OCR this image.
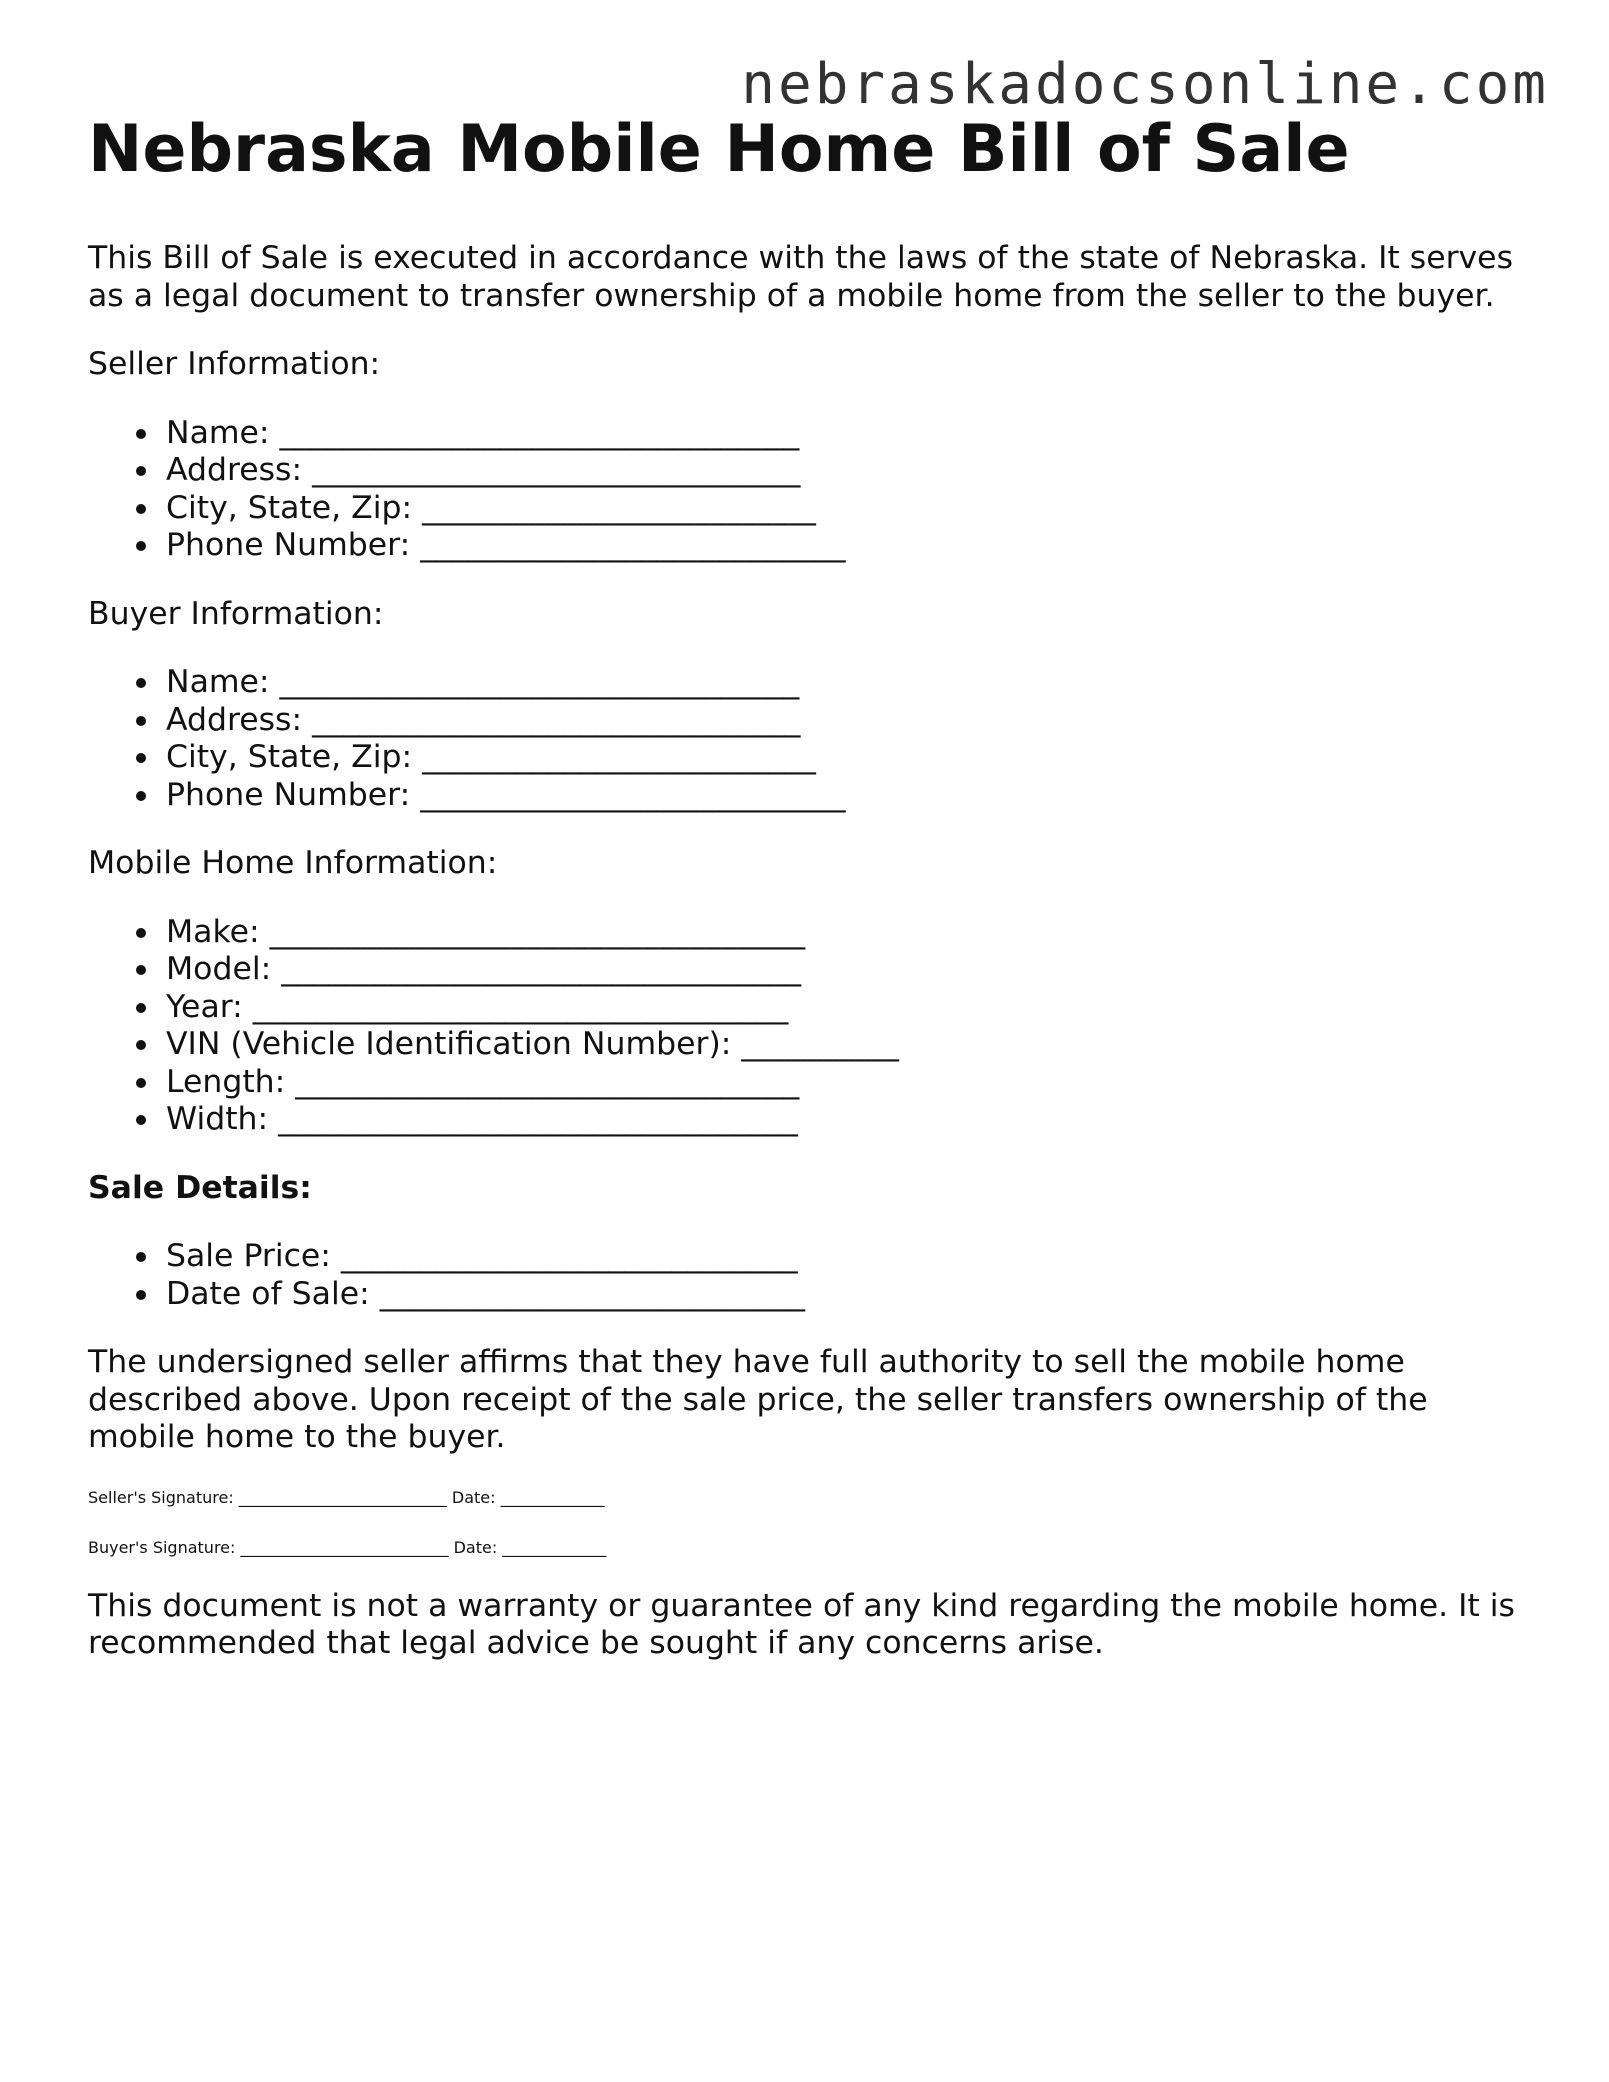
nebraskadocsonline.com
Nebraska Mobile Home Bill of Sale

This Bill of Sale is executed in accordance with the laws of the state of Nebraska. It serves as a legal document to transfer ownership of a mobile home from the seller to the buyer.

Seller Information:
Name: _________________________________
Address: _______________________________
City, State, Zip: _________________________
Phone Number: ___________________________
Buyer Information:
Name: _________________________________
Address: _______________________________
City, State, Zip: _________________________
Phone Number: ___________________________
Mobile Home Information:
Make: __________________________________
Model: _________________________________
Year: __________________________________
VIN (Vehicle Identification Number): __________
Length: ________________________________
Width: _________________________________
Sale Details:
Sale Price: _____________________________
Date of Sale: ___________________________

The undersigned seller affirms that they have full authority to sell the mobile home described above. Upon receipt of the sale price, the seller transfers ownership of the mobile home to the buyer.

Seller's Signature: __________________________ Date: _____________
Buyer's Signature: __________________________ Date: _____________

This document is not a warranty or guarantee of any kind regarding the mobile home. It is recommended that legal advice be sought if any concerns arise.
